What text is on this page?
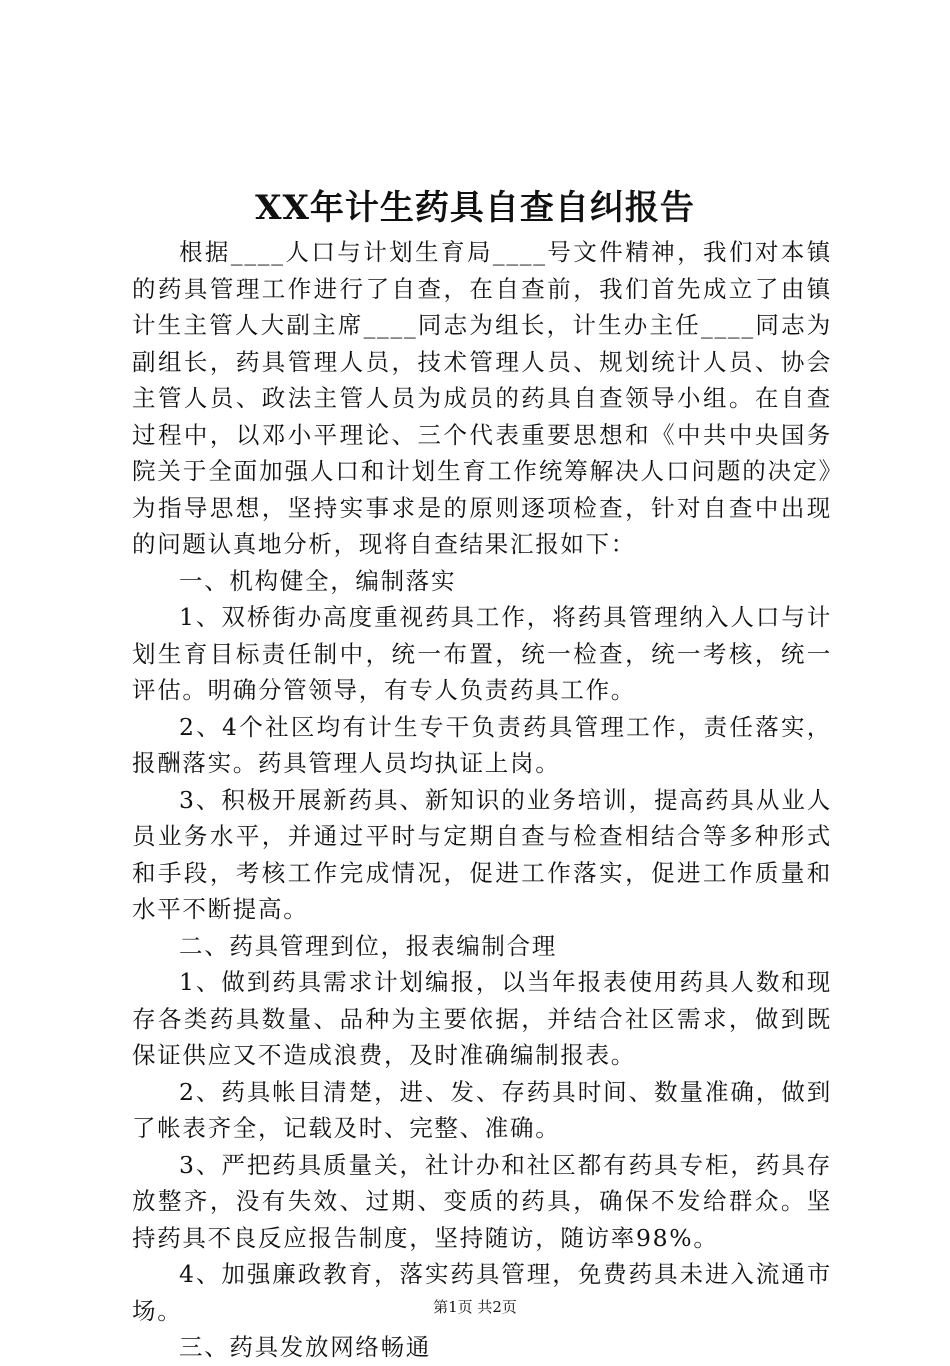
XX年计生药具自查自纠报告

根据____人口与计划生育局____号文件精神，我们对本镇的药具管理工作进行了自查，在自查前，我们首先成立了由镇计生主管人大副主席____同志为组长，计生办主任____同志为副组长，药具管理人员，技术管理人员、规划统计人员、协会主管人员、政法主管人员为成员的药具自查领导小组。在自查过程中，以邓小平理论、三个代表重要思想和《中共中央国务院关于全面加强人口和计划生育工作统筹解决人口问题的决定》为指导思想，坚持实事求是的原则逐项检查，针对自查中出现的问题认真地分析，现将自查结果汇报如下：

一、机构健全，编制落实

1、双桥街办高度重视药具工作，将药具管理纳入人口与计划生育目标责任制中，统一布置，统一检查，统一考核，统一评估。明确分管领导，有专人负责药具工作。

2、4个社区均有计生专干负责药具管理工作，责任落实，报酬落实。药具管理人员均执证上岗。

3、积极开展新药具、新知识的业务培训，提高药具从业人员业务水平，并通过平时与定期自查与检查相结合等多种形式和手段，考核工作完成情况，促进工作落实，促进工作质量和水平不断提高。

二、药具管理到位，报表编制合理

1、做到药具需求计划编报，以当年报表使用药具人数和现存各类药具数量、品种为主要依据，并结合社区需求，做到既保证供应又不造成浪费，及时准确编制报表。

2、药具帐目清楚，进、发、存药具时间、数量准确，做到了帐表齐全，记载及时、完整、准确。

3、严把药具质量关，社计办和社区都有药具专柜，药具存放整齐，没有失效、过期、变质的药具，确保不发给群众。坚持药具不良反应报告制度，坚持随访，随访率98%。

4、加强廉政教育，落实药具管理，免费药具未进入流通市场。

三、药具发放网络畅通

第1页 共2页
